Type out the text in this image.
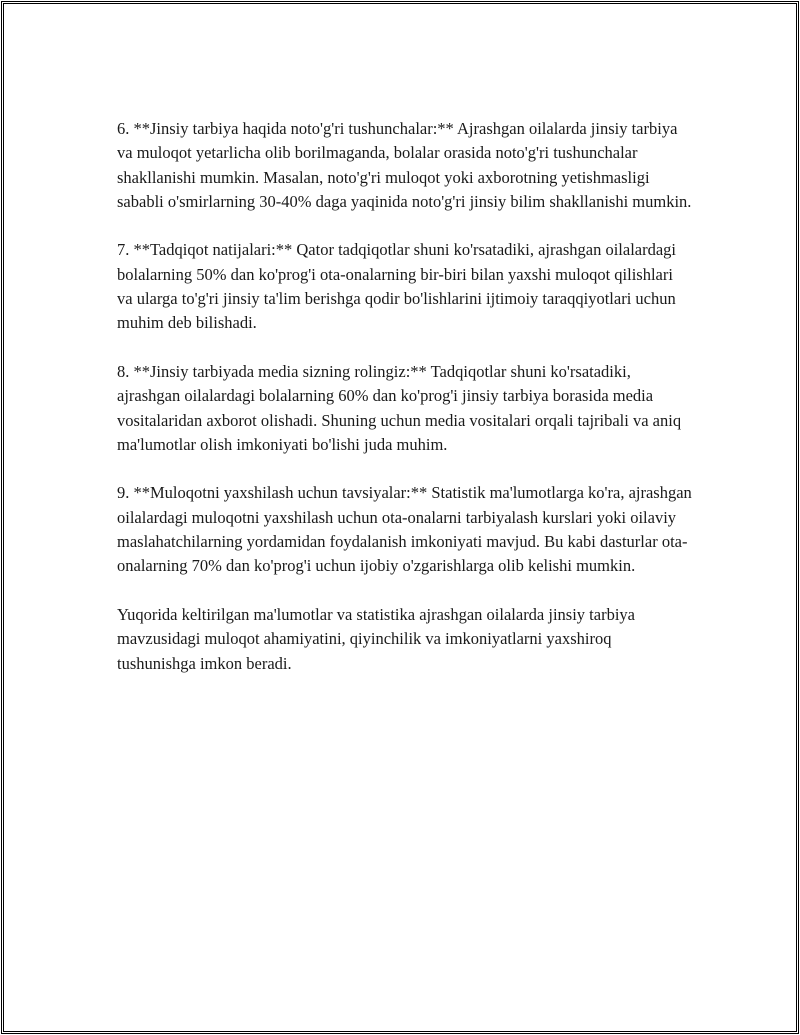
6. **Jinsiy tarbiya haqida noto'g'ri tushunchalar:** Ajrashgan oilalarda jinsiy tarbiya va muloqot yetarlicha olib borilmaganda, bolalar orasida noto'g'ri tushunchalar shakllanishi mumkin. Masalan, noto'g'ri muloqot yoki axborotning yetishmasligi sababli o'smirlarning 30-40% daga yaqinida noto'g'ri jinsiy bilim shakllanishi mumkin.

7. **Tadqiqot natijalari:** Qator tadqiqotlar shuni ko'rsatadiki, ajrashgan oilalardagi bolalarning 50% dan ko'prog'i ota-onalarning bir-biri bilan yaxshi muloqot qilishlari va ularga to'g'ri jinsiy ta'lim berishga qodir bo'lishlarini ijtimoiy taraqqiyotlari uchun muhim deb bilishadi.

8. **Jinsiy tarbiyada media sizning rolingiz:** Tadqiqotlar shuni ko'rsatadiki, ajrashgan oilalardagi bolalarning 60% dan ko'prog'i jinsiy tarbiya borasida media vositalaridan axborot olishadi. Shuning uchun media vositalari orqali tajribali va aniq ma'lumotlar olish imkoniyati bo'lishi juda muhim.

9. **Muloqotni yaxshilash uchun tavsiyalar:** Statistik ma'lumotlarga ko'ra, ajrashgan oilalardagi muloqotni yaxshilash uchun ota-onalarni tarbiyalash kurslari yoki oilaviy maslahatchilarning yordamidan foydalanish imkoniyati mavjud. Bu kabi dasturlar ota-onalarning 70% dan ko'prog'i uchun ijobiy o'zgarishlarga olib kelishi mumkin.

Yuqorida keltirilgan ma'lumotlar va statistika ajrashgan oilalarda jinsiy tarbiya mavzusidagi muloqot ahamiyatini, qiyinchilik va imkoniyatlarni yaxshiroq tushunishga imkon beradi.
